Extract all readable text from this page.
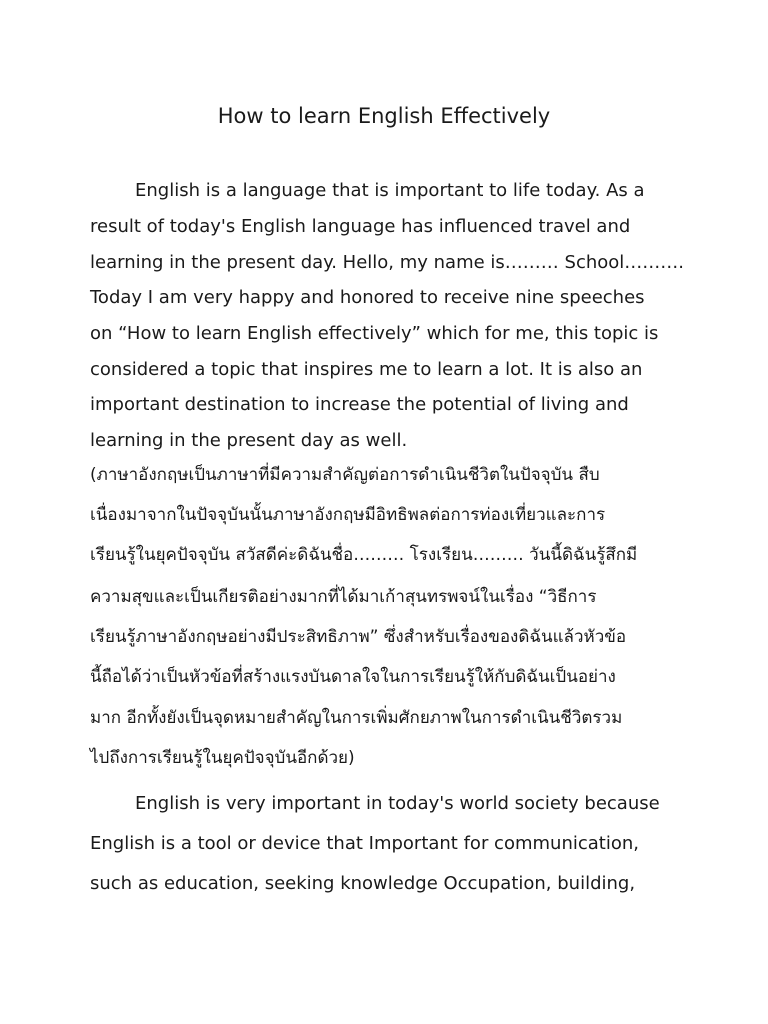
How to learn English Effectively
English is a language that is important to life today. As a
result of today's English language has influenced travel and
learning in the present day. Hello, my name is……… School……….
Today I am very happy and honored to receive nine speeches
on “How to learn English effectively” which for me, this topic is
considered a topic that inspires me to learn a lot. It is also an
important destination to increase the potential of living and
learning in the present day as well.
(ภาษาอังกฤษเป็นภาษาที่มีความสำคัญต่อการดำเนินชีวิตในปัจจุบัน สืบ
เนื่องมาจากในปัจจุบันนั้นภาษาอังกฤษมีอิทธิพลต่อการท่องเที่ยวและการ
เรียนรู้ในยุคปัจจุบัน สวัสดีค่ะดิฉันชื่อ……… โรงเรียน……… วันนี้ดิฉันรู้สึกมี
ความสุขและเป็นเกียรติอย่างมากที่ได้มาเก้าสุนทรพจน์ในเรื่อง “วิธีการ
เรียนรู้ภาษาอังกฤษอย่างมีประสิทธิภาพ” ซึ่งสำหรับเรื่องของดิฉันแล้วหัวข้อ
นี้ถือได้ว่าเป็นหัวข้อที่สร้างแรงบันดาลใจในการเรียนรู้ให้กับดิฉันเป็นอย่าง
มาก อีกทั้งยังเป็นจุดหมายสำคัญในการเพิ่มศักยภาพในการดำเนินชีวิตรวม
ไปถึงการเรียนรู้ในยุคปัจจุบันอีกด้วย)
English is very important in today's world society because
English is a tool or device that Important for communication,
such as education, seeking knowledge Occupation, building,
